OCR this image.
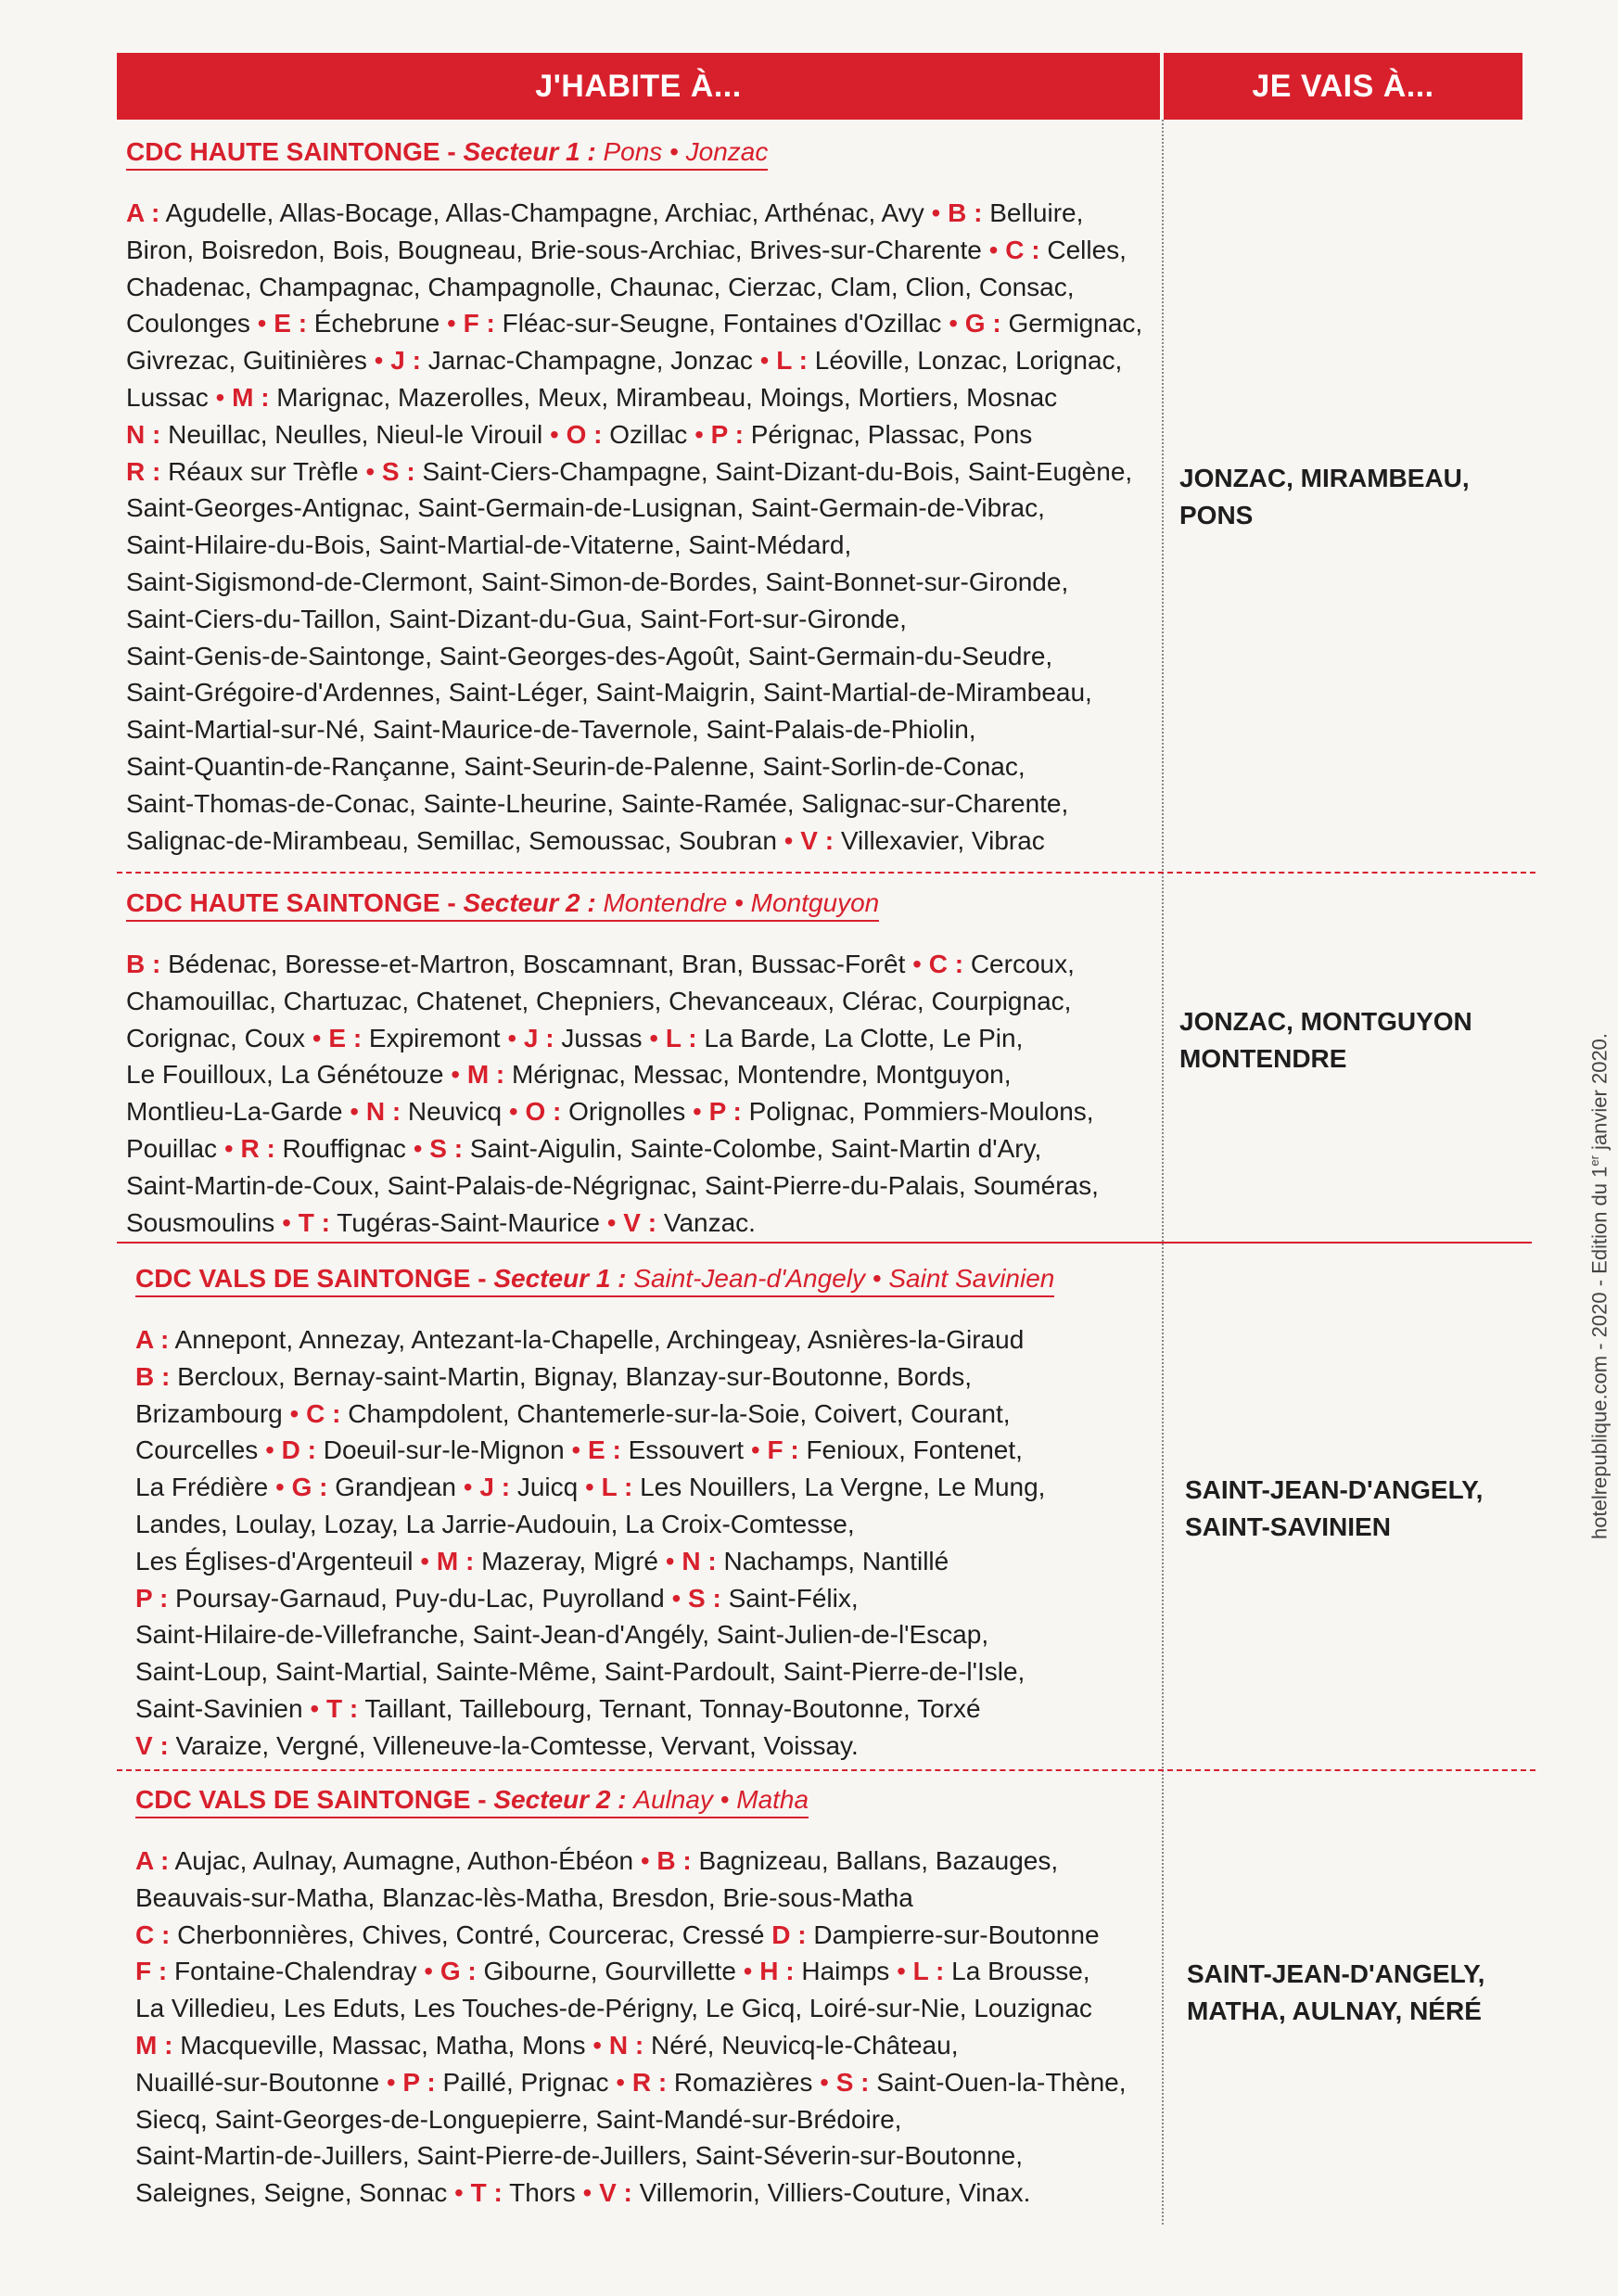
J'HABITE À...	JE VAIS À...
CDC HAUTE SAINTONGE - Secteur 1 : Pons • Jonzac

A : Agudelle, Allas-Bocage, Allas-Champagne, Archiac, Arthénac, Avy • B : Belluire,

Biron, Boisredon, Bois, Bougneau, Brie-sous-Archiac, Brives-sur-Charente • C : Celles,

Chadenac, Champagnac, Champagnolle, Chaunac, Cierzac, Clam, Clion, Consac,

Coulonges • E : Échebrune • F : Fléac-sur-Seugne, Fontaines d'Ozillac • G : Germignac,

Givrezac, Guitinières • J : Jarnac-Champagne, Jonzac • L : Léoville, Lonzac, Lorignac,

Lussac • M : Marignac, Mazerolles, Meux, Mirambeau, Moings, Mortiers, Mosnac

N : Neuillac, Neulles, Nieul-le Virouil • O : Ozillac • P : Pérignac, Plassac, Pons

R : Réaux sur Trèfle • S : Saint-Ciers-Champagne, Saint-Dizant-du-Bois, Saint-Eugène,

Saint-Georges-Antignac, Saint-Germain-de-Lusignan, Saint-Germain-de-Vibrac,

Saint-Hilaire-du-Bois, Saint-Martial-de-Vitaterne, Saint-Médard,

Saint-Sigismond-de-Clermont, Saint-Simon-de-Bordes, Saint-Bonnet-sur-Gironde,

Saint-Ciers-du-Taillon, Saint-Dizant-du-Gua, Saint-Fort-sur-Gironde,

Saint-Genis-de-Saintonge, Saint-Georges-des-Agoût, Saint-Germain-du-Seudre,

Saint-Grégoire-d'Ardennes, Saint-Léger, Saint-Maigrin, Saint-Martial-de-Mirambeau,

Saint-Martial-sur-Né, Saint-Maurice-de-Tavernole, Saint-Palais-de-Phiolin,

Saint-Quantin-de-Rançanne, Saint-Seurin-de-Palenne, Saint-Sorlin-de-Conac,

Saint-Thomas-de-Conac, Sainte-Lheurine, Sainte-Ramée, Salignac-sur-Charente,

Salignac-de-Mirambeau, Semillac, Semoussac, Soubran • V : Villexavier, Vibrac

JONZAC, MIRAMBEAU,

PONS

CDC HAUTE SAINTONGE - Secteur 2 : Montendre • Montguyon

B : Bédenac, Boresse-et-Martron, Boscamnant, Bran, Bussac-Forêt • C : Cercoux,

Chamouillac, Chartuzac, Chatenet, Chepniers, Chevanceaux, Clérac, Courpignac,

Corignac, Coux • E : Expiremont • J : Jussas • L : La Barde, La Clotte, Le Pin,

Le Fouilloux, La Génétouze • M : Mérignac, Messac, Montendre, Montguyon,

Montlieu-La-Garde • N : Neuvicq • O : Orignolles • P : Polignac, Pommiers-Moulons,

Pouillac • R : Rouffignac • S : Saint-Aigulin, Sainte-Colombe, Saint-Martin d'Ary,

Saint-Martin-de-Coux, Saint-Palais-de-Négrignac, Saint-Pierre-du-Palais, Souméras,

Sousmoulins • T : Tugéras-Saint-Maurice • V : Vanzac.

JONZAC, MONTGUYON

MONTENDRE

CDC VALS DE SAINTONGE - Secteur 1 : Saint-Jean-d'Angely • Saint Savinien

A : Annepont, Annezay, Antezant-la-Chapelle, Archingeay, Asnières-la-Giraud

B : Bercloux, Bernay-saint-Martin, Bignay, Blanzay-sur-Boutonne, Bords,

Brizambourg • C : Champdolent, Chantemerle-sur-la-Soie, Coivert, Courant,

Courcelles • D : Doeuil-sur-le-Mignon • E : Essouvert • F : Fenioux, Fontenet,

La Frédière • G : Grandjean • J : Juicq • L : Les Nouillers, La Vergne, Le Mung,

Landes, Loulay, Lozay, La Jarrie-Audouin, La Croix-Comtesse,

Les Églises-d'Argenteuil • M : Mazeray, Migré • N : Nachamps, Nantillé

P : Poursay-Garnaud, Puy-du-Lac, Puyrolland • S : Saint-Félix,

Saint-Hilaire-de-Villefranche, Saint-Jean-d'Angély, Saint-Julien-de-l'Escap,

Saint-Loup, Saint-Martial, Sainte-Même, Saint-Pardoult, Saint-Pierre-de-l'Isle,

Saint-Savinien • T : Taillant, Taillebourg, Ternant, Tonnay-Boutonne, Torxé

V : Varaize, Vergné, Villeneuve-la-Comtesse, Vervant, Voissay.

SAINT-JEAN-D'ANGELY,

SAINT-SAVINIEN

CDC VALS DE SAINTONGE - Secteur 2 : Aulnay • Matha

A : Aujac, Aulnay, Aumagne, Authon-Ébéon • B : Bagnizeau, Ballans, Bazauges,

Beauvais-sur-Matha, Blanzac-lès-Matha, Bresdon, Brie-sous-Matha

C : Cherbonnières, Chives, Contré, Courcerac, Cressé D : Dampierre-sur-Boutonne

F : Fontaine-Chalendray • G : Gibourne, Gourvillette • H : Haimps • L : La Brousse,

La Villedieu, Les Eduts, Les Touches-de-Périgny, Le Gicq, Loiré-sur-Nie, Louzignac

M : Macqueville, Massac, Matha, Mons • N : Néré, Neuvicq-le-Château,

Nuaillé-sur-Boutonne • P : Paillé, Prignac • R : Romazières • S : Saint-Ouen-la-Thène,

Siecq, Saint-Georges-de-Longuepierre, Saint-Mandé-sur-Brédoire,

Saint-Martin-de-Juillers, Saint-Pierre-de-Juillers, Saint-Séverin-sur-Boutonne,

Saleignes, Seigne, Sonnac • T : Thors • V : Villemorin, Villiers-Couture, Vinax.

SAINT-JEAN-D'ANGELY,

MATHA, AULNAY, NÉRÉ

hotelrepublique.com - 2020 - Edition du 1er janvier 2020.
